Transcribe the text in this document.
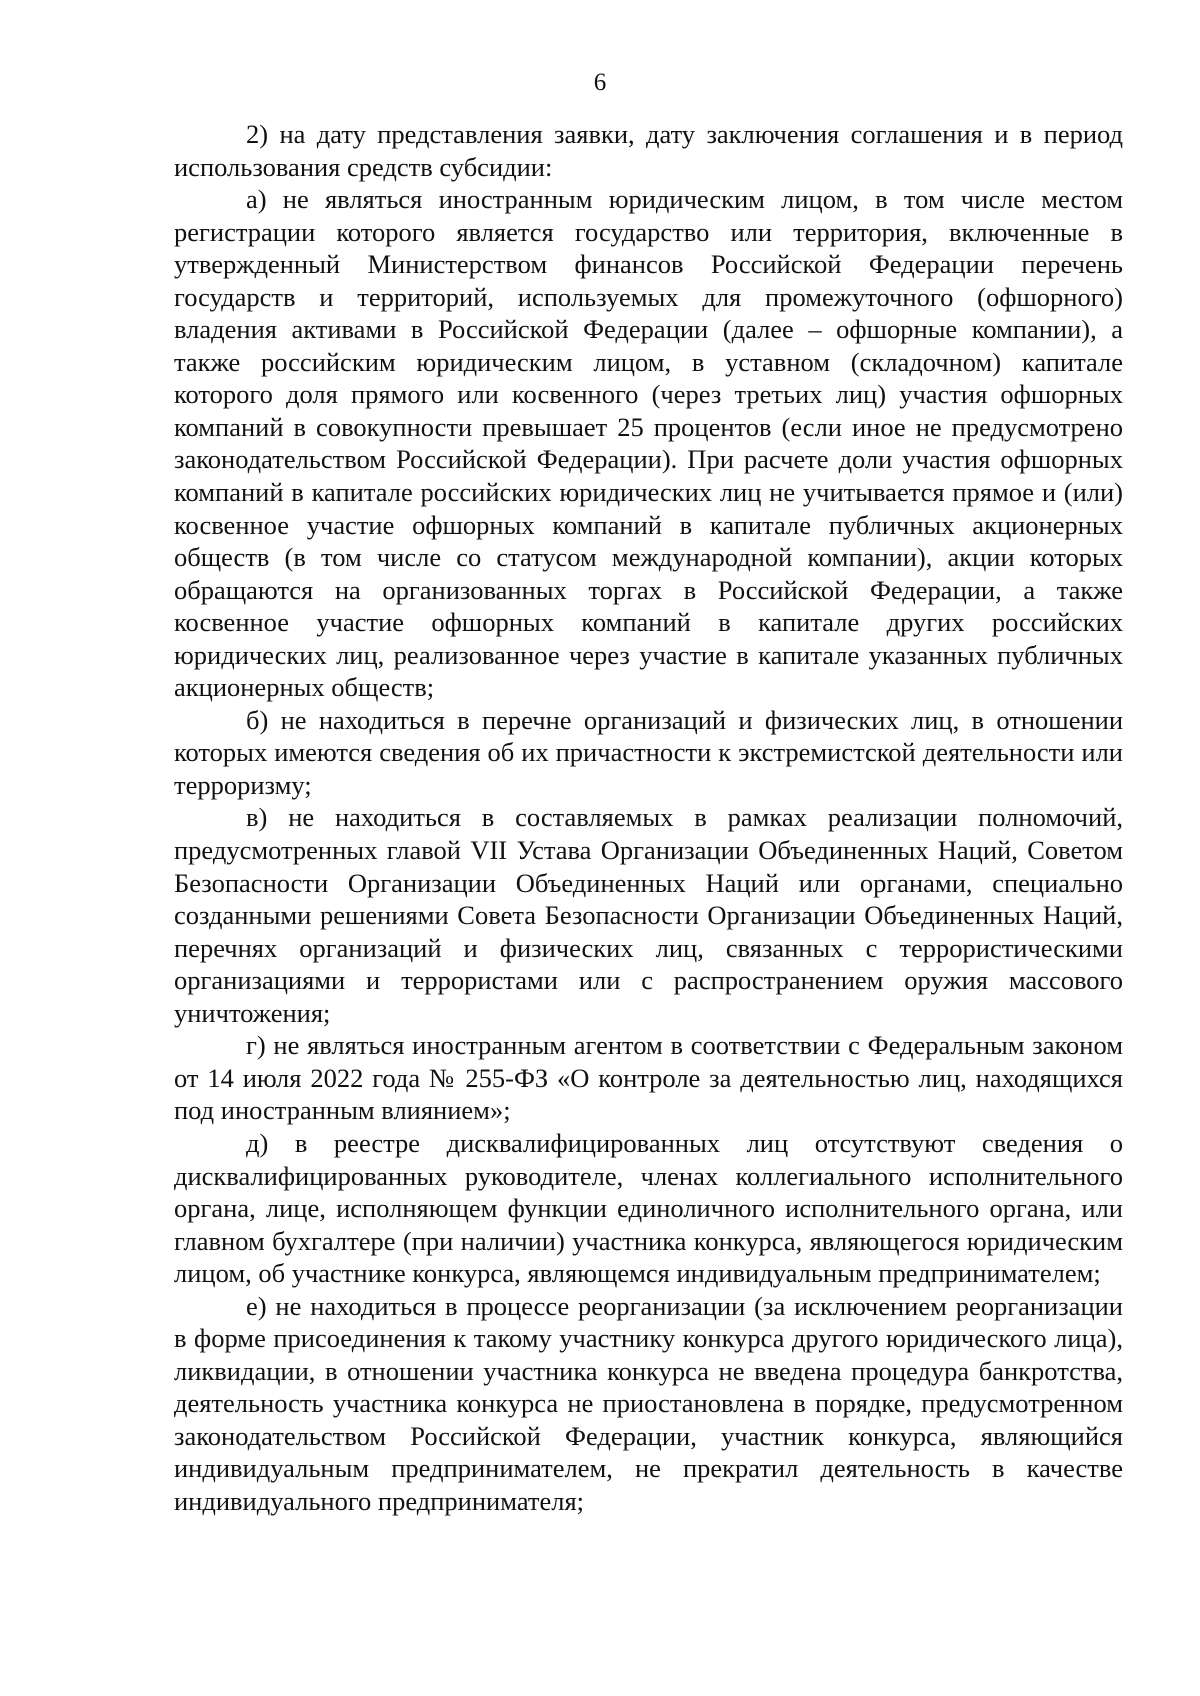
6

2) на дату представления заявки, дату заключения соглашения и в период использования средств субсидии:

а) не являться иностранным юридическим лицом, в том числе местом регистрации которого является государство или территория, включенные в утвержденный Министерством финансов Российской Федерации перечень государств и территорий, используемых для промежуточного (офшорного) владения активами в Российской Федерации (далее – офшорные компании), а также российским юридическим лицом, в уставном (складочном) капитале которого доля прямого или косвенного (через третьих лиц) участия офшорных компаний в совокупности превышает 25 процентов (если иное не предусмотрено законодательством Российской Федерации). При расчете доли участия офшорных компаний в капитале российских юридических лиц не учитывается прямое и (или) косвенное участие офшорных компаний в капитале публичных акционерных обществ (в том числе со статусом международной компании), акции которых обращаются на организованных торгах в Российской Федерации, а также косвенное участие офшорных компаний в капитале других российских юридических лиц, реализованное через участие в капитале указанных публичных акционерных обществ;

б) не находиться в перечне организаций и физических лиц, в отношении которых имеются сведения об их причастности к экстремистской деятельности или терроризму;

в) не находиться в составляемых в рамках реализации полномочий, предусмотренных главой VII Устава Организации Объединенных Наций, Советом Безопасности Организации Объединенных Наций или органами, специально созданными решениями Совета Безопасности Организации Объединенных Наций, перечнях организаций и физических лиц, связанных с террористическими организациями и террористами или с распространением оружия массового уничтожения;

г) не являться иностранным агентом в соответствии с Федеральным законом от 14 июля 2022 года № 255-ФЗ «О контроле за деятельностью лиц, находящихся под иностранным влиянием»;

д) в реестре дисквалифицированных лиц отсутствуют сведения о дисквалифицированных руководителе, членах коллегиального исполнительного органа, лице, исполняющем функции единоличного исполнительного органа, или главном бухгалтере (при наличии) участника конкурса, являющегося юридическим лицом, об участнике конкурса, являющемся индивидуальным предпринимателем;

е) не находиться в процессе реорганизации (за исключением реорганизации в форме присоединения к такому участнику конкурса другого юридического лица), ликвидации, в отношении участника конкурса не введена процедура банкротства, деятельность участника конкурса не приостановлена в порядке, предусмотренном законодательством Российской Федерации, участник конкурса, являющийся индивидуальным предпринимателем, не прекратил деятельность в качестве индивидуального предпринимателя;
